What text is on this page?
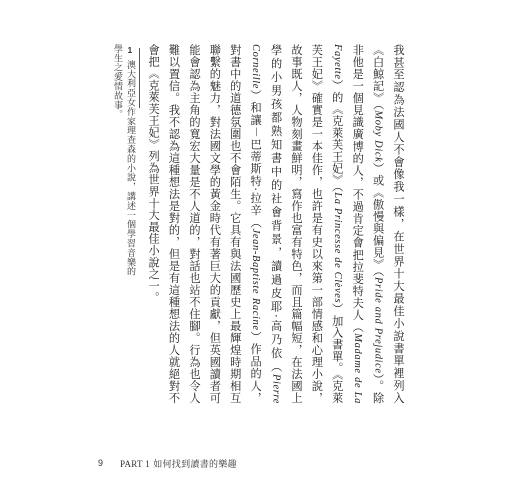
我甚至認為法國人不會像我一樣，在世界十大最佳小說書單裡列入《白鯨記》（Moby Dick）或《傲慢與偏見》（Pride and Prejudice）。除非他是一個見識廣博的人，不過肯定會把拉斐特夫人（Madame de La Fayette）的《克萊芙王妃》（La Princesse de Clèves）加入書單。《克萊芙王妃》確實是一本佳作，也許是有史以來第一部情感和心理小說，故事既人，人物刻畫鮮明，寫作也富有特色，而且篇幅短，在法國上學的小男孩都熟知書中的社會背景，讀過皮耶·高乃依（Pierre Corneille）和讓－巴蒂斯特·拉辛（Jean-Baptiste Racine）作品的人，對書中的道德氛圍也不會陌生。它具有與法國歷史上最輝煌時期相互聯繫的魅力，對法國文學的黃金時代有著巨大的貢獻，但英國讀者可能會認為主角的寬宏大量是不人道的，對話也站不住腳。行為也令人難以置信。我不認為這種想法是對的，但是有這種想法的人就絕對不會把《克萊芙王妃》列為世界十大最佳小說之一。

1澳大利亞女作家理查森的小說，講述一個學習音樂的學生之愛情故事。
9 PART 1 如何找到讀書的樂趣
